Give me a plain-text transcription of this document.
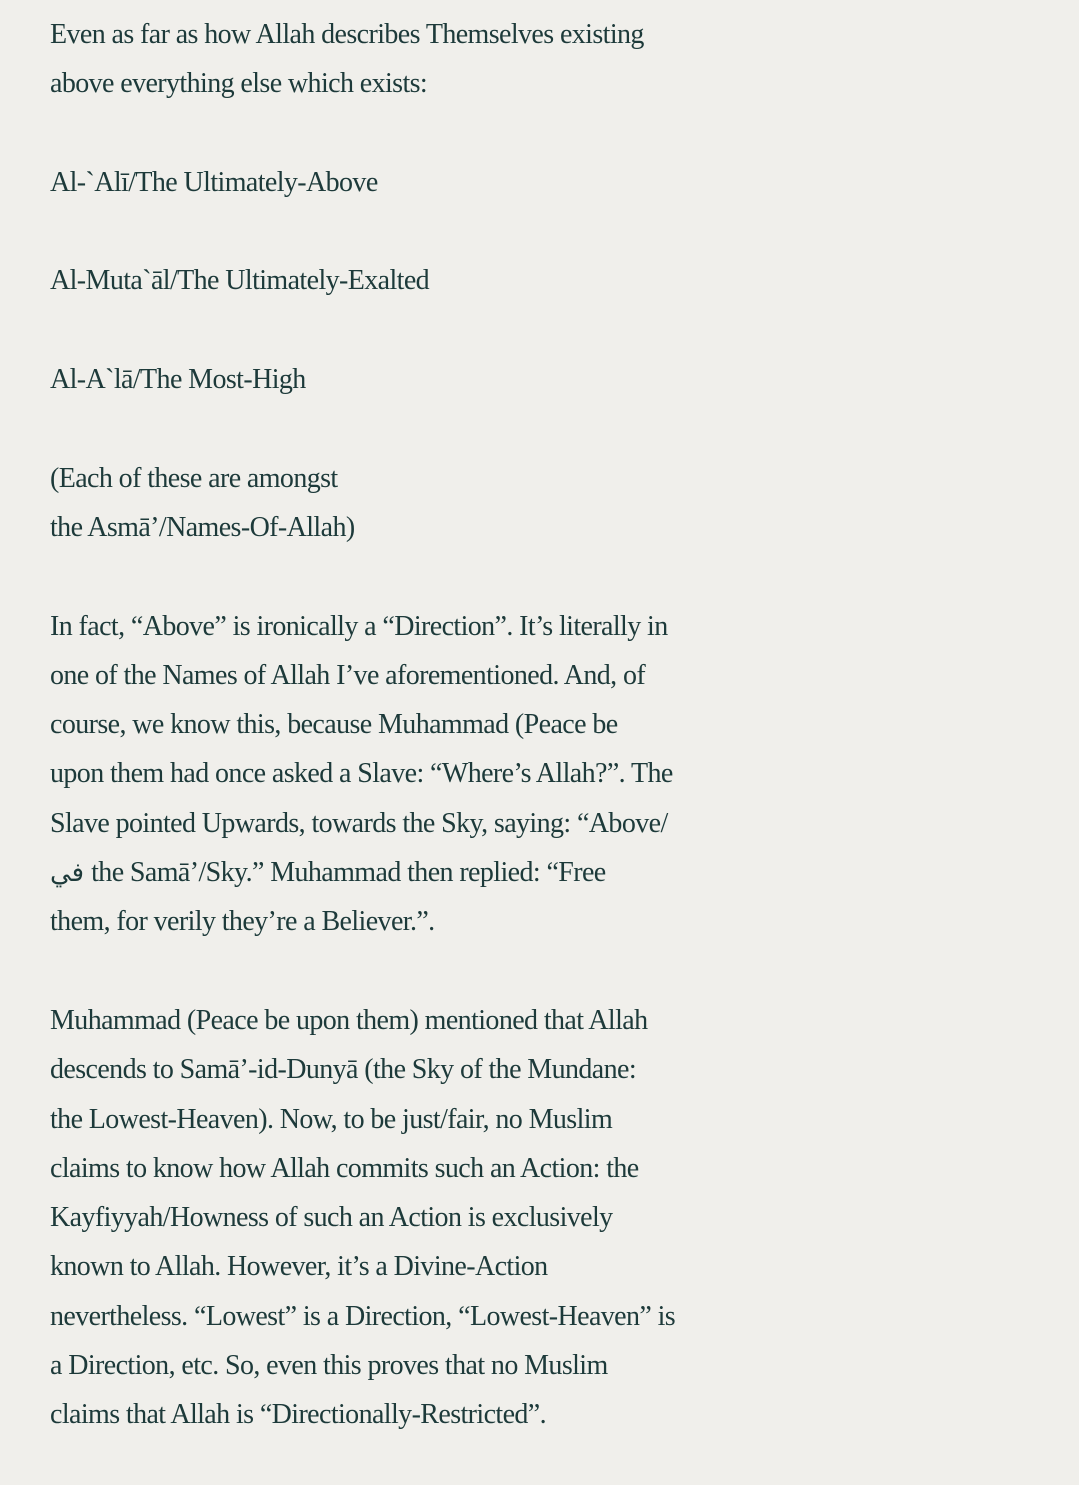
Even as far as how Allah describes Themselves existing
above everything else which exists:
Al-`Alī/The Ultimately-Above
Al-Muta`āl/The Ultimately-Exalted
Al-A`lā/The Most-High
(Each of these are amongst
the Asmā’/Names-Of-Allah)
In fact, “Above” is ironically a “Direction”. It’s literally in
one of the Names of Allah I’ve aforementioned. And, of
course, we know this, because Muhammad (Peace be
upon them had once asked a Slave: “Where’s Allah?”. The
Slave pointed Upwards, towards the Sky, saying: “Above/
في the Samā’/Sky.” Muhammad then replied: “Free
them, for verily they’re a Believer.”.
Muhammad (Peace be upon them) mentioned that Allah
descends to Samā’-id-Dunyā (the Sky of the Mundane:
the Lowest-Heaven). Now, to be just/fair, no Muslim
claims to know how Allah commits such an Action: the
Kayfiyyah/Howness of such an Action is exclusively
known to Allah. However, it’s a Divine-Action
nevertheless. “Lowest” is a Direction, “Lowest-Heaven” is
a Direction, etc. So, even this proves that no Muslim
claims that Allah is “Directionally-Restricted”.
